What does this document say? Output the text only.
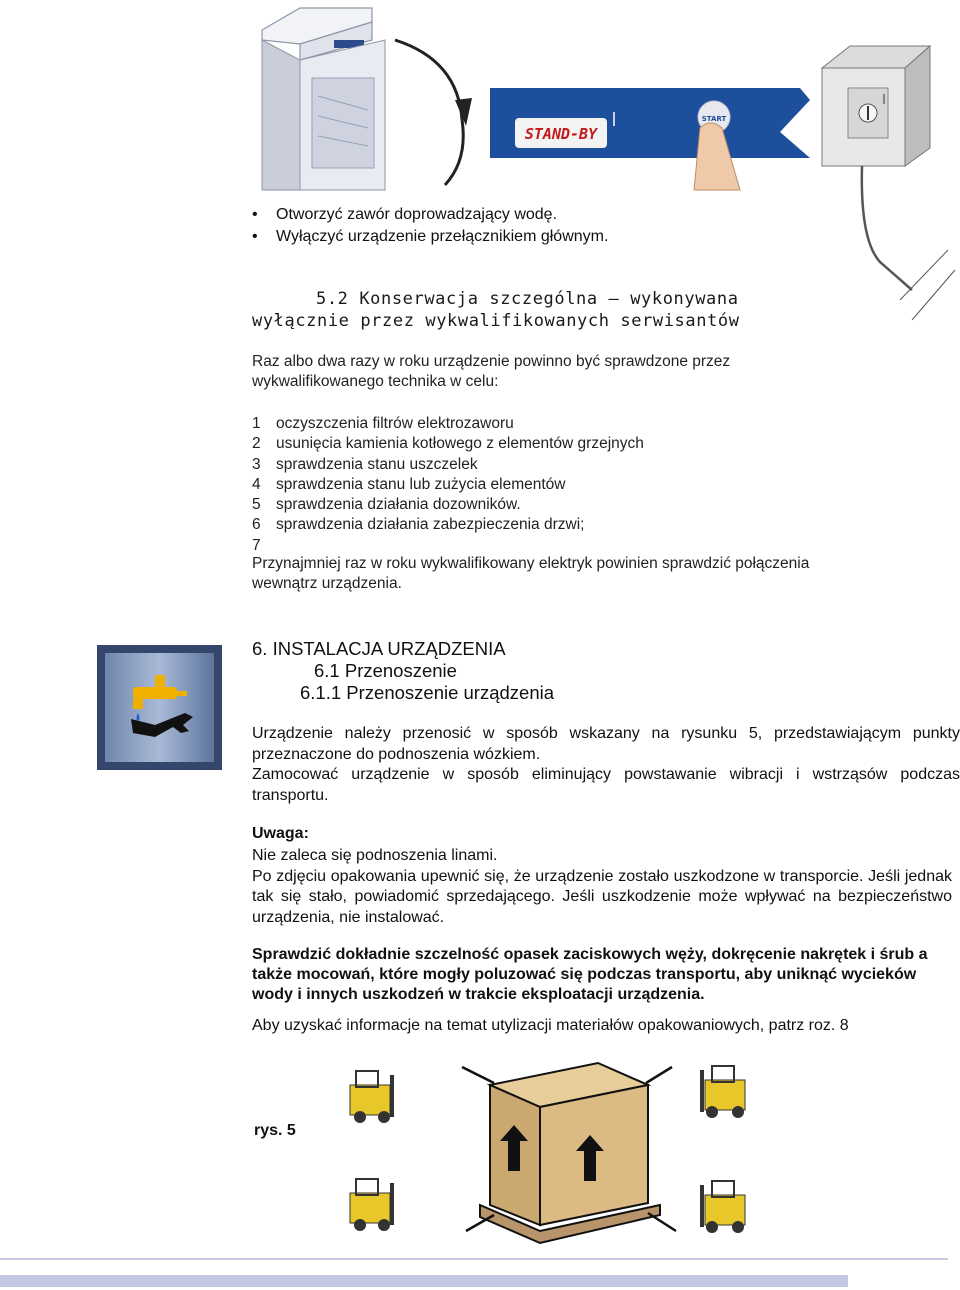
STAND-BY
START
•	Otworzyć zawór doprowadzający wodę.
•	Wyłączyć urządzenie przełącznikiem głównym.
5.2 Konserwacja szczególna – wykonywana
wyłącznie przez wykwalifikowanych serwisantów
Raz albo dwa razy w roku urządzenie powinno być sprawdzone przez wykwalifikowanego technika w celu:
1 oczyszczenia filtrów elektrozaworu
2 usunięcia kamienia kotłowego z elementów grzejnych
3 sprawdzenia stanu uszczelek
4 sprawdzenia stanu lub zużycia elementów
5 sprawdzenia działania dozowników.
6 sprawdzenia działania zabezpieczenia drzwi;
7
Przynajmniej raz w roku wykwalifikowany elektryk powinien sprawdzić połączenia wewnątrz urządzenia.
6. INSTALACJA URZĄDZENIA
6.1 Przenoszenie
6.1.1 Przenoszenie urządzenia
Urządzenie należy przenosić w sposób wskazany na rysunku 5, przedstawiającym punkty przeznaczone do podnoszenia wózkiem.
Zamocować urządzenie w sposób eliminujący powstawanie wibracji i wstrząsów podczas transportu.
Uwaga:
Nie zaleca się podnoszenia linami.
Po zdjęciu opakowania upewnić się, że urządzenie zostało uszkodzone w transporcie. Jeśli jednak tak się stało, powiadomić sprzedającego. Jeśli uszkodzenie może wpływać na bezpieczeństwo urządzenia, nie instalować.
Sprawdzić dokładnie szczelność opasek zaciskowych węży, dokręcenie nakrętek i śrub a także mocowań, które mogły poluzować się podczas transportu, aby uniknąć wycieków wody i innych uszkodzeń w trakcie eksploatacji urządzenia.
Aby uzyskać informacje na temat utylizacji materiałów opakowaniowych, patrz roz. 8
rys. 5
